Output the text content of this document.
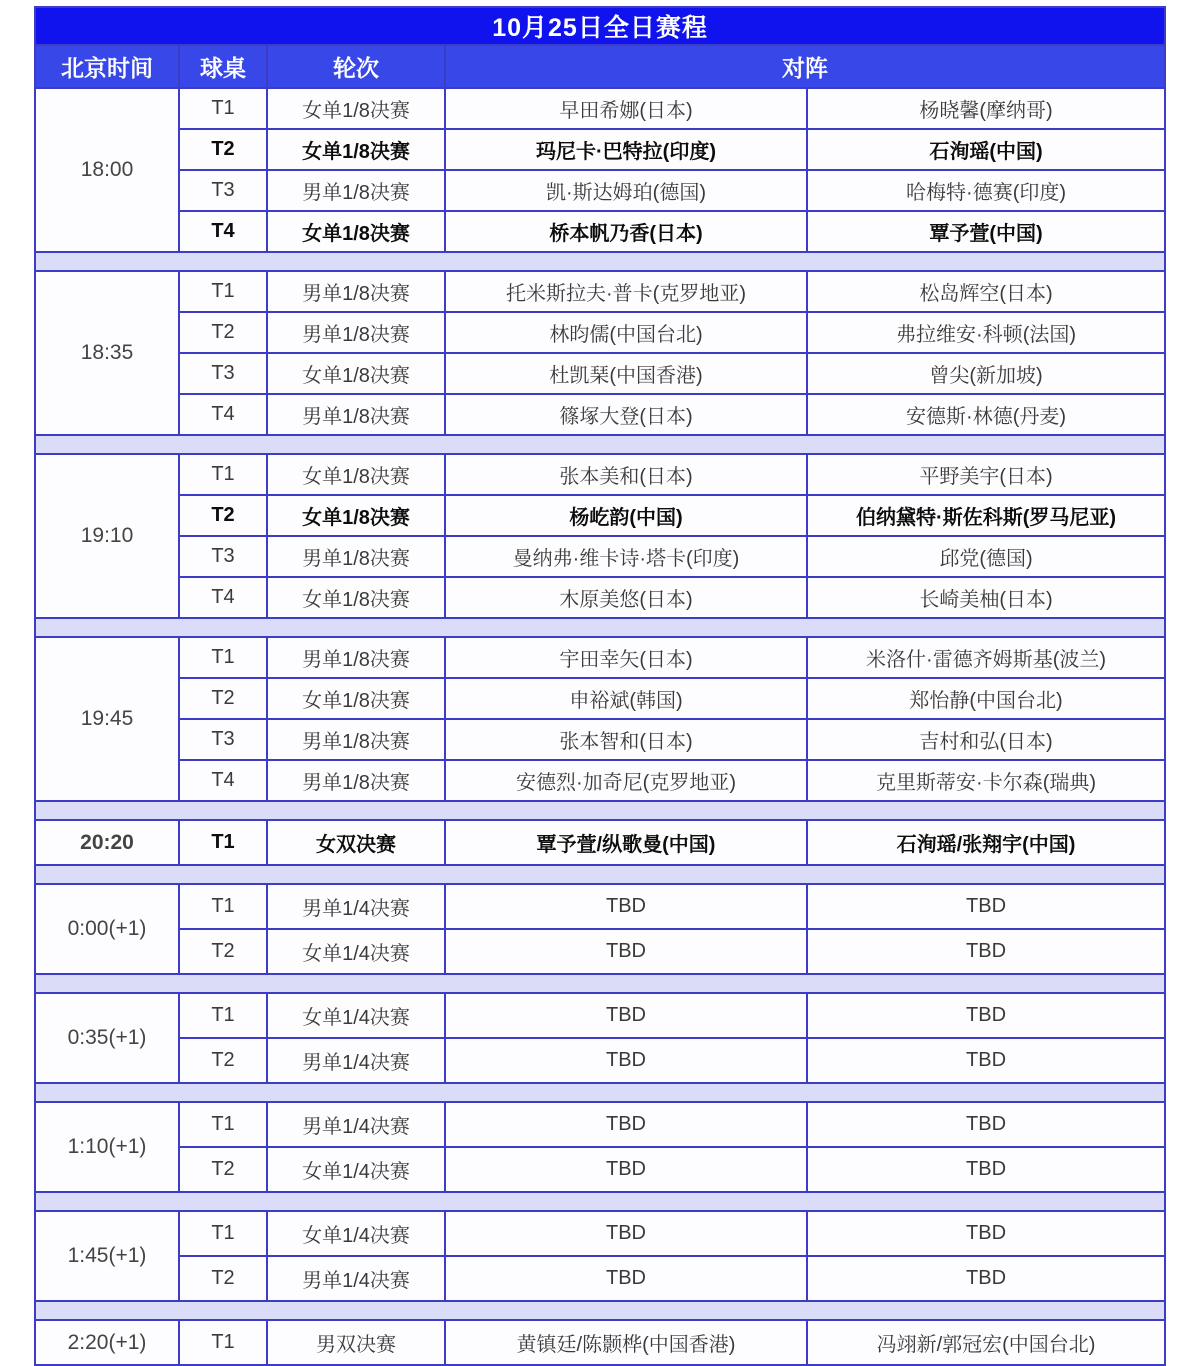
10月25日全日赛程				
北京时间	球桌	轮次	对阵	
18:00	T1	女单1/8决赛	早田希娜(日本)	杨晓馨(摩纳哥)
	T2	女单1/8决赛	玛尼卡·巴特拉(印度)	石洵瑶(中国)
	T3	男单1/8决赛	凯·斯达姆珀(德国)	哈梅特·德赛(印度)
	T4	女单1/8决赛	桥本帆乃香(日本)	覃予萱(中国)

18:35	T1	男单1/8决赛	托米斯拉夫·普卡(克罗地亚)	松岛辉空(日本)
	T2	男单1/8决赛	林昀儒(中国台北)	弗拉维安·科顿(法国)
	T3	女单1/8决赛	杜凯琹(中国香港)	曾尖(新加坡)
	T4	男单1/8决赛	篠塚大登(日本)	安德斯·林德(丹麦)

19:10	T1	女单1/8决赛	张本美和(日本)	平野美宇(日本)
	T2	女单1/8决赛	杨屹韵(中国)	伯纳黛特·斯佐科斯(罗马尼亚)
	T3	男单1/8决赛	曼纳弗·维卡诗·塔卡(印度)	邱党(德国)
	T4	女单1/8决赛	木原美悠(日本)	长崎美柚(日本)

19:45	T1	男单1/8决赛	宇田幸矢(日本)	米洛什·雷德齐姆斯基(波兰)
	T2	女单1/8决赛	申裕斌(韩国)	郑怡静(中国台北)
	T3	男单1/8决赛	张本智和(日本)	吉村和弘(日本)
	T4	男单1/8决赛	安德烈·加奇尼(克罗地亚)	克里斯蒂安·卡尔森(瑞典)

20:20	T1	女双决赛	覃予萱/纵歌曼(中国)	石洵瑶/张翔宇(中国)

0:00(+1)	T1	男单1/4决赛	TBD	TBD
	T2	女单1/4决赛	TBD	TBD

0:35(+1)	T1	女单1/4决赛	TBD	TBD
	T2	男单1/4决赛	TBD	TBD

1:10(+1)	T1	男单1/4决赛	TBD	TBD
	T2	女单1/4决赛	TBD	TBD

1:45(+1)	T1	女单1/4决赛	TBD	TBD
	T2	男单1/4决赛	TBD	TBD

2:20(+1)	T1	男双决赛	黄镇廷/陈颢桦(中国香港)	冯翊新/郭冠宏(中国台北)
